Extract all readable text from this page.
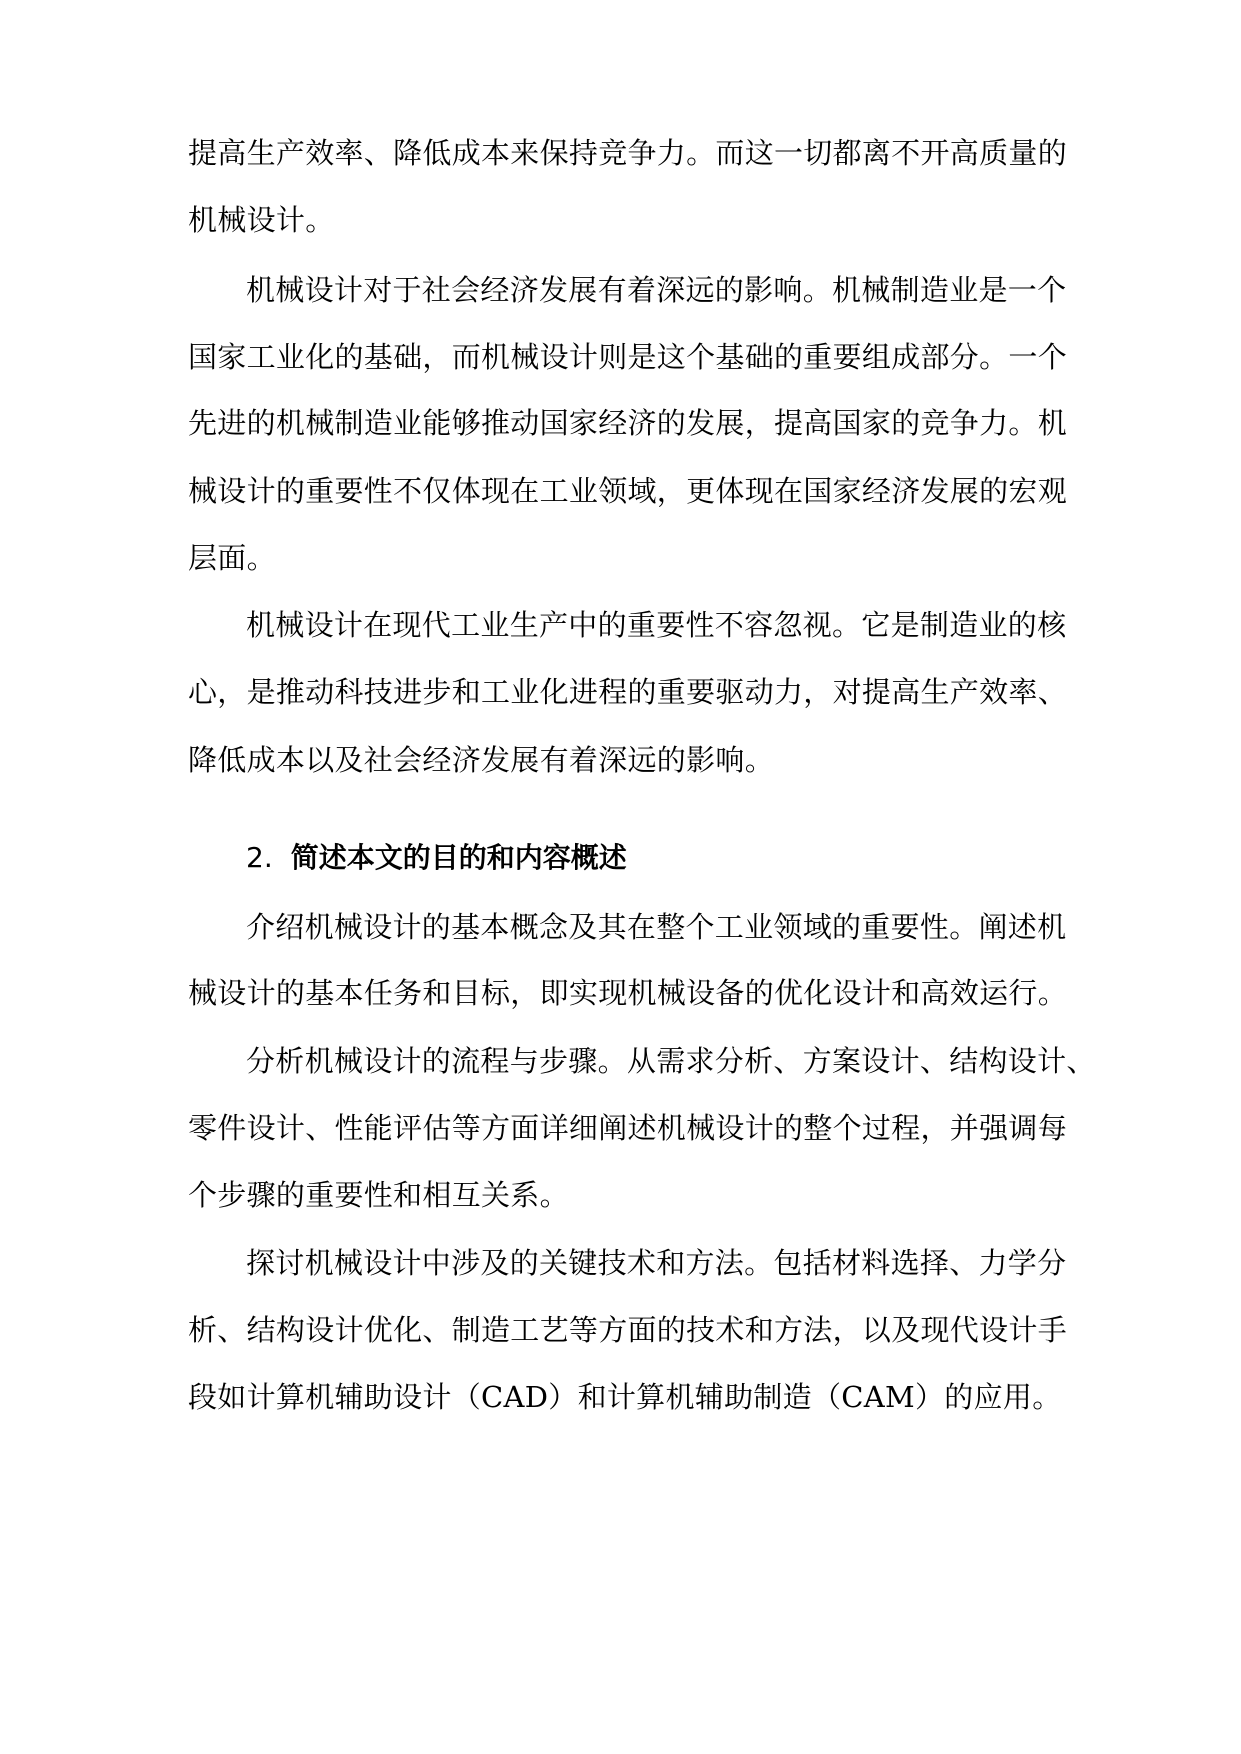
提高生产效率、降低成本来保持竞争力。而这一切都离不开高质量的
机械设计。
机械设计对于社会经济发展有着深远的影响。机械制造业是一个
国家工业化的基础，而机械设计则是这个基础的重要组成部分。一个
先进的机械制造业能够推动国家经济的发展，提高国家的竞争力。机
械设计的重要性不仅体现在工业领域，更体现在国家经济发展的宏观
层面。
机械设计在现代工业生产中的重要性不容忽视。它是制造业的核
心，是推动科技进步和工业化进程的重要驱动力，对提高生产效率、
降低成本以及社会经济发展有着深远的影响。
2. 简述本文的目的和内容概述
介绍机械设计的基本概念及其在整个工业领域的重要性。阐述机
械设计的基本任务和目标，即实现机械设备的优化设计和高效运行。
分析机械设计的流程与步骤。从需求分析、方案设计、结构设计、
零件设计、性能评估等方面详细阐述机械设计的整个过程，并强调每
个步骤的重要性和相互关系。
探讨机械设计中涉及的关键技术和方法。包括材料选择、力学分
析、结构设计优化、制造工艺等方面的技术和方法，以及现代设计手
段如计算机辅助设计（CAD）和计算机辅助制造（CAM）的应用。
